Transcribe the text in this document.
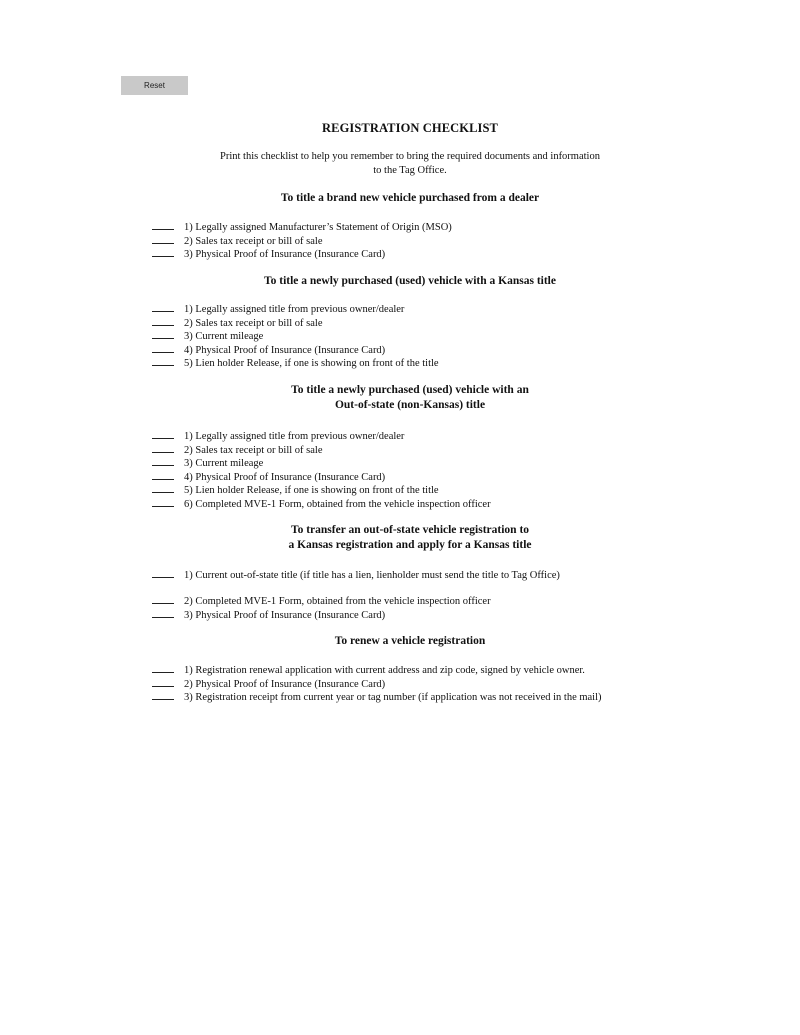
Reset
REGISTRATION CHECKLIST
Print this checklist to help you remember to bring the required documents and information
to the Tag Office.
To title a brand new vehicle purchased from a dealer
1) Legally assigned Manufacturer’s Statement of Origin (MSO)
2) Sales tax receipt or bill of sale
3) Physical Proof of Insurance (Insurance Card)
To title a newly purchased (used) vehicle with a Kansas title
1) Legally assigned title from previous owner/dealer
2) Sales tax receipt or bill of sale
3) Current mileage
4) Physical Proof of Insurance (Insurance Card)
5) Lien holder Release, if one is showing on front of the title
To title a newly purchased (used) vehicle with an
Out-of-state (non-Kansas) title
1) Legally assigned title from previous owner/dealer
2) Sales tax receipt or bill of sale
3) Current mileage
4) Physical Proof of Insurance (Insurance Card)
5) Lien holder Release, if one is showing on front of the title
6) Completed MVE-1 Form, obtained from the vehicle inspection officer
To transfer an out-of-state vehicle registration to
a Kansas registration and apply for a Kansas title
1) Current out-of-state title (if title has a lien, lienholder must send the title to Tag Office)
2) Completed MVE-1 Form, obtained from the vehicle inspection officer
3) Physical Proof of Insurance (Insurance Card)
To renew a vehicle registration
1) Registration renewal application with current address and zip code, signed by vehicle owner.
2) Physical Proof of Insurance (Insurance Card)
3) Registration receipt from current year or tag number (if application was not received in the mail)
